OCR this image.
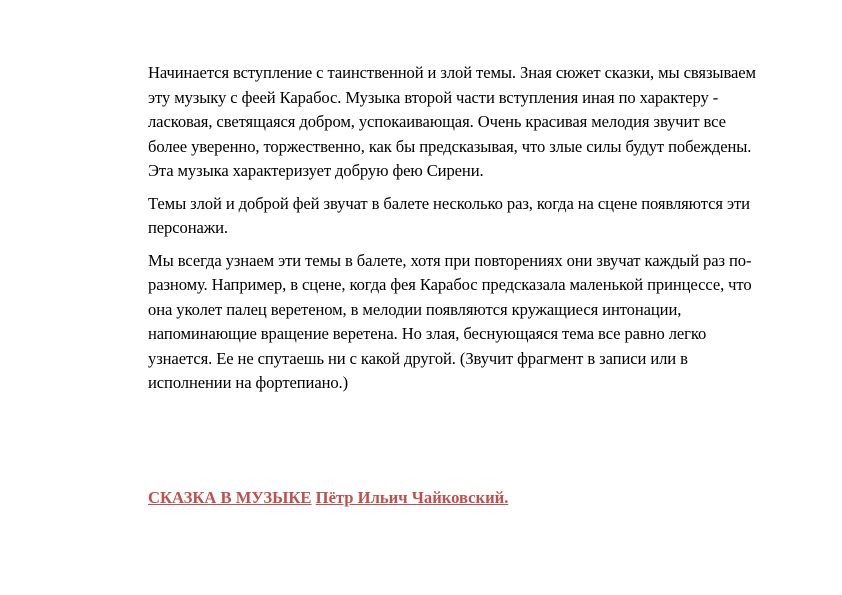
Начинается вступление с таинственной и злой темы. Зная сюжет сказки, мы связываем эту музыку с феей Карабос. Музыка второй части вступления иная по характеру - ласковая, светящаяся добром, успокаивающая. Очень красивая мелодия звучит все более уверенно, торжественно, как бы предсказывая, что злые силы будут побеждены. Эта музыка характеризует добрую фею Сирени.

Темы злой и доброй фей звучат в балете несколько раз, когда на сцене появляются эти персонажи.

Мы всегда узнаем эти темы в балете, хотя при повторениях они звучат каждый раз по-разному. Например, в сцене, когда фея Карабос предсказала маленькой принцессе, что она уколет палец веретеном, в мелодии появляются кружащиеся интонации, напоминающие вращение веретена. Но злая, беснующаяся тема все равно легко узнается. Ее не спутаешь ни с какой другой. (Звучит фрагмент в записи или в исполнении на фортепиано.)

СКАЗКА В МУЗЫКЕ Пётр Ильич Чайковский.
